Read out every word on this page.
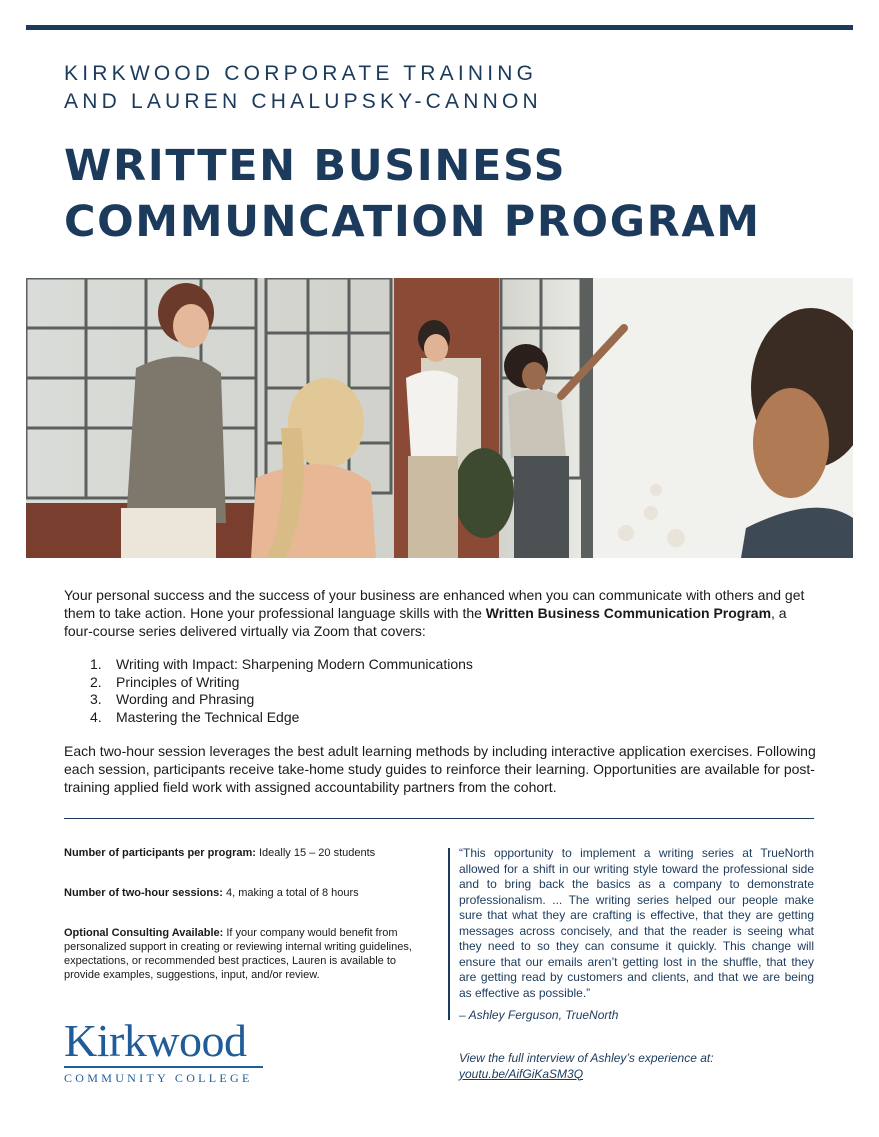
KIRKWOOD CORPORATE TRAINING
AND LAUREN CHALUPSKY-CANNON
WRITTEN BUSINESS
COMMUNCATION PROGRAM
Your personal success and the success of your business are enhanced when you can communicate with others and get them to take action. Hone your professional language skills with the Written Business Communication Program, a four-course series delivered virtually via Zoom that covers:
1. Writing with Impact: Sharpening Modern Communications
2. Principles of Writing
3. Wording and Phrasing
4. Mastering the Technical Edge
Each two-hour session leverages the best adult learning methods by including interactive application exercises. Following each session, participants receive take-home study guides to reinforce their learning. Opportunities are available for post-training applied field work with assigned accountability partners from the cohort.

Number of participants per program: Ideally 15 – 20 students

Number of two-hour sessions: 4, making a total of 8 hours

Optional Consulting Available: If your company would benefit from personalized support in creating or reviewing internal writing guidelines, expectations, or recommended best practices, Lauren is available to provide examples, suggestions, input, and/or review.

“This opportunity to implement a writing series at TrueNorth allowed for a shift in our writing style toward the professional side and to bring back the basics as a company to demonstrate professionalism. ... The writing series helped our people make sure that what they are crafting is effective, that they are getting messages across concisely, and that the reader is seeing what they need to so they can consume it quickly. This change will ensure that our emails aren’t getting lost in the shuffle, that they are getting read by customers and clients, and that we are being as effective as possible.”

– Ashley Ferguson, TrueNorth
View the full interview of Ashley’s experience at:
youtu.be/AifGiKaSM3Q
Kirkwood
COMMUNITY COLLEGE
